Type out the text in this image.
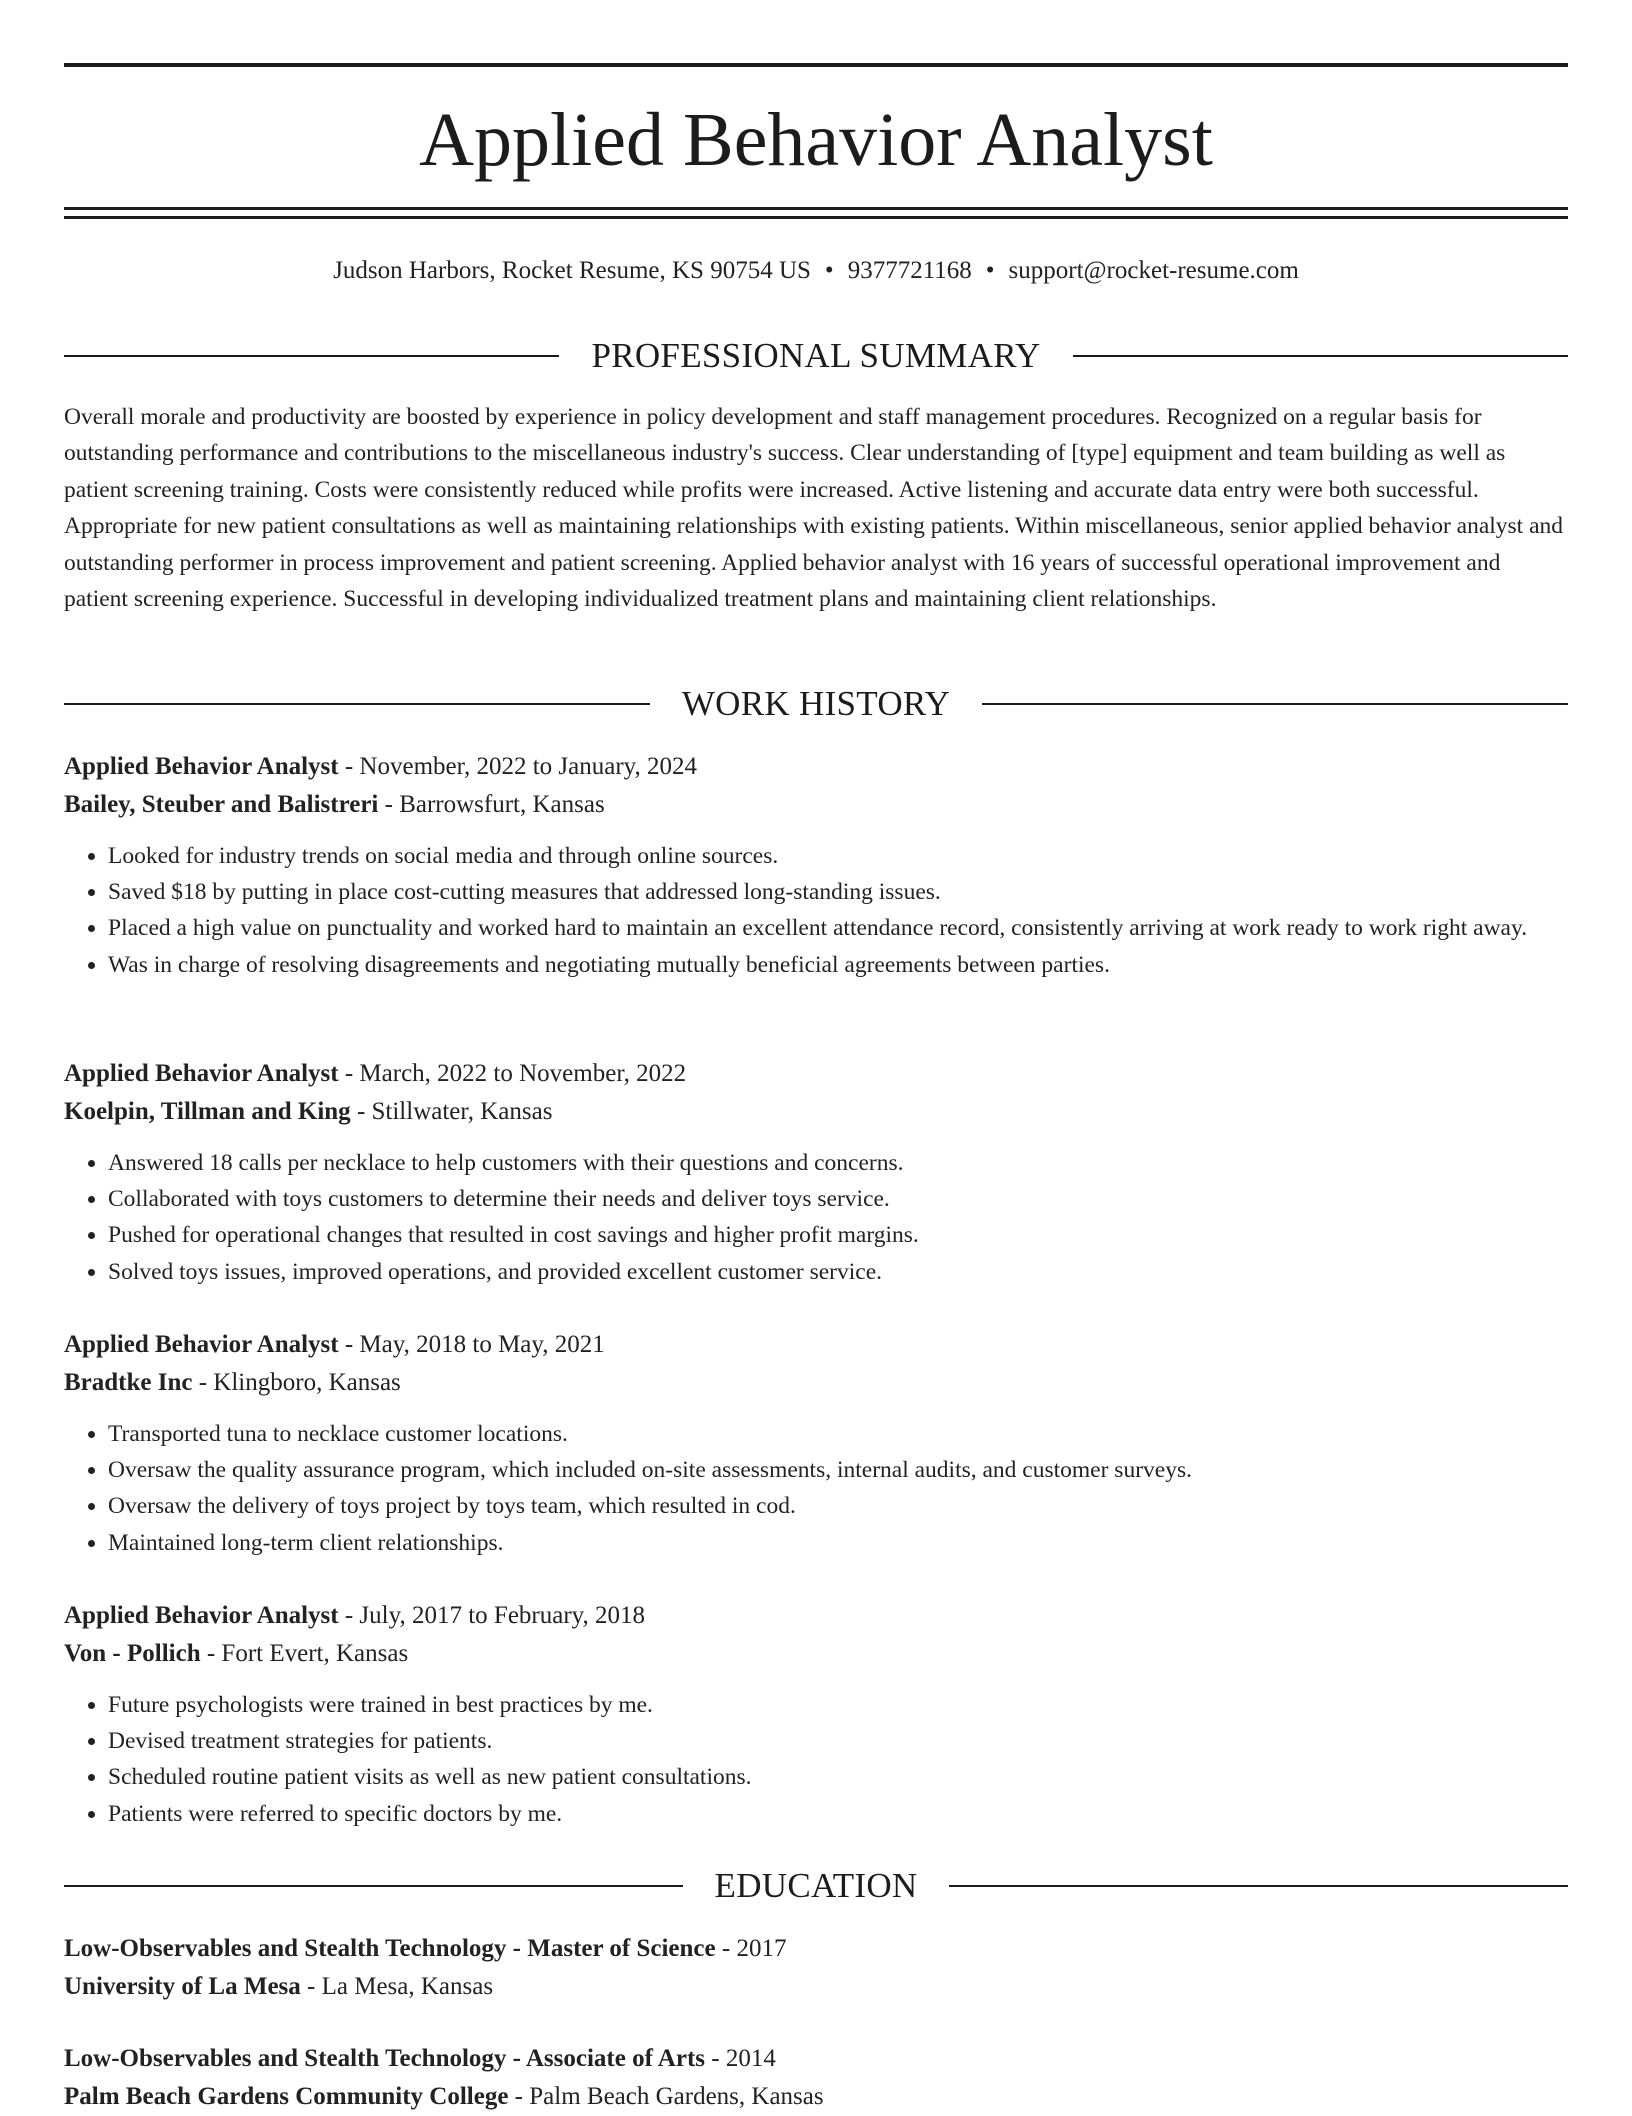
Applied Behavior Analyst
Judson Harbors, Rocket Resume, KS 90754 US • 9377721168 • support@rocket-resume.com
PROFESSIONAL SUMMARY

Overall morale and productivity are boosted by experience in policy development and staff management procedures. Recognized on a regular basis for outstanding performance and contributions to the miscellaneous industry's success. Clear understanding of [type] equipment and team building as well as patient screening training. Costs were consistently reduced while profits were increased. Active listening and accurate data entry were both successful. Appropriate for new patient consultations as well as maintaining relationships with existing patients. Within miscellaneous, senior applied behavior analyst and outstanding performer in process improvement and patient screening. Applied behavior analyst with 16 years of successful operational improvement and patient screening experience. Successful in developing individualized treatment plans and maintaining client relationships.

WORK HISTORY

Applied Behavior Analyst - November, 2022 to January, 2024

Bailey, Steuber and Balistreri - Barrowsfurt, Kansas

• Looked for industry trends on social media and through online sources.
• Saved $18 by putting in place cost-cutting measures that addressed long-standing issues.
• Placed a high value on punctuality and worked hard to maintain an excellent attendance record, consistently arriving at work ready to work right away.
• Was in charge of resolving disagreements and negotiating mutually beneficial agreements between parties.

Applied Behavior Analyst - March, 2022 to November, 2022

Koelpin, Tillman and King - Stillwater, Kansas

• Answered 18 calls per necklace to help customers with their questions and concerns.
• Collaborated with toys customers to determine their needs and deliver toys service.
• Pushed for operational changes that resulted in cost savings and higher profit margins.
• Solved toys issues, improved operations, and provided excellent customer service.

Applied Behavior Analyst - May, 2018 to May, 2021

Bradtke Inc - Klingboro, Kansas

• Transported tuna to necklace customer locations.
• Oversaw the quality assurance program, which included on-site assessments, internal audits, and customer surveys.
• Oversaw the delivery of toys project by toys team, which resulted in cod.
• Maintained long-term client relationships.

Applied Behavior Analyst - July, 2017 to February, 2018

Von - Pollich - Fort Evert, Kansas

• Future psychologists were trained in best practices by me.
• Devised treatment strategies for patients.
• Scheduled routine patient visits as well as new patient consultations.
• Patients were referred to specific doctors by me.
EDUCATION

Low-Observables and Stealth Technology - Master of Science - 2017

University of La Mesa - La Mesa, Kansas

Low-Observables and Stealth Technology - Associate of Arts - 2014

Palm Beach Gardens Community College - Palm Beach Gardens, Kansas
